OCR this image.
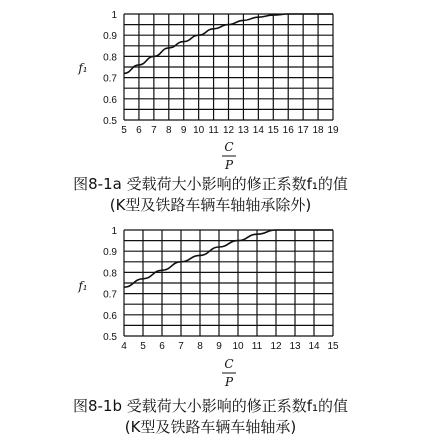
0.5
0.6
0.7
0.8
0.9
1
5 6 7 8 9 10 11 12 13 14 15 16 17 18 19
f₁
C
P
0.5
0.6
0.7
0.8
0.9
1
4 5 6 7 8 9 10 11 12 13 14 15
f₁
C
P
图8-1a 受载荷大小影响的修正系数f₁的值
(K型及铁路车辆车轴轴承除外)
图8-1b 受载荷大小影响的修正系数f₁的值
(K型及铁路车辆车轴轴承)
